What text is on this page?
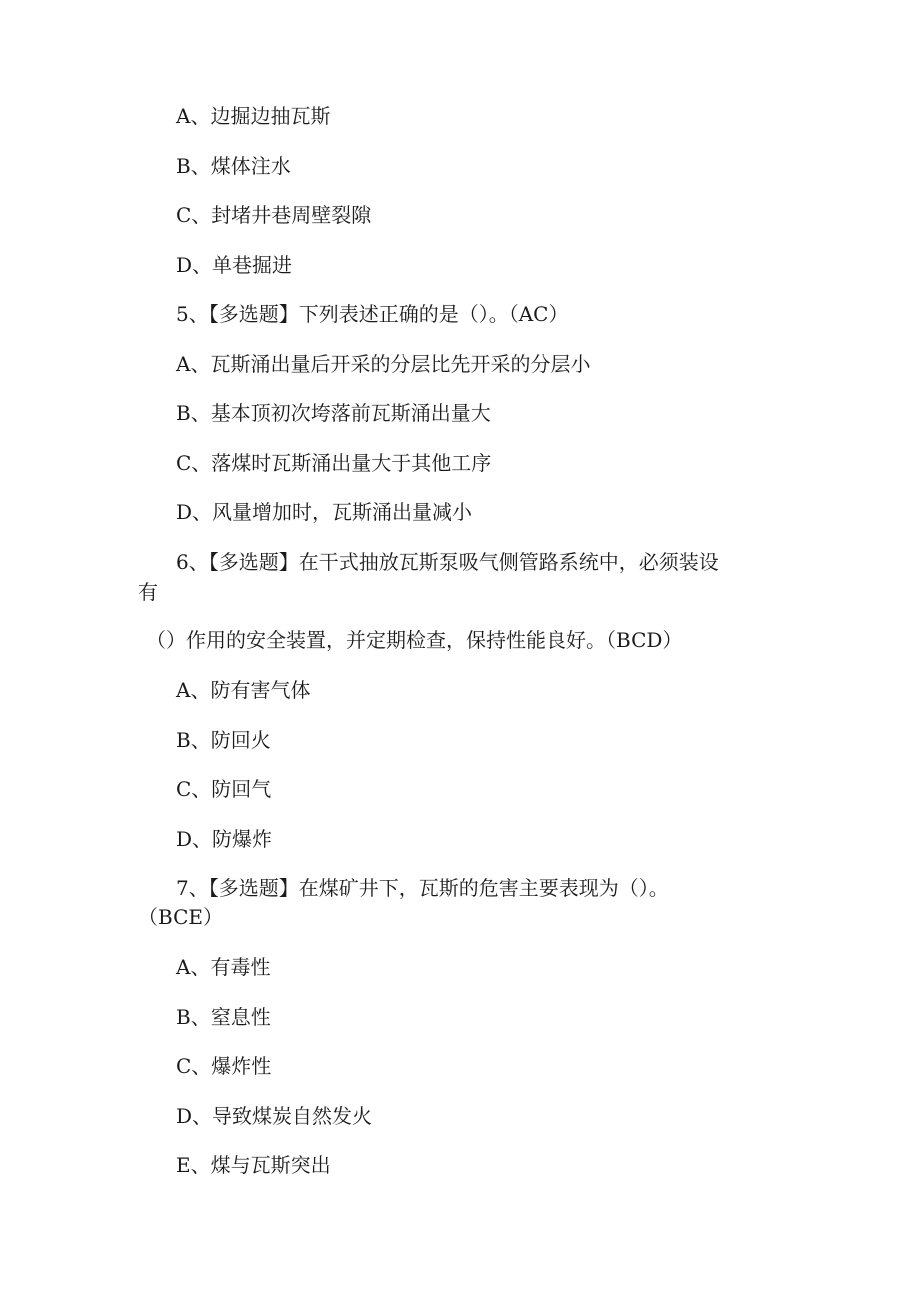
A、边掘边抽瓦斯
B、煤体注水
C、封堵井巷周壁裂隙
D、单巷掘进
5、【多选题】下列表述正确的是（）。（AC）
A、瓦斯涌出量后开采的分层比先开采的分层小
B、基本顶初次垮落前瓦斯涌出量大
C、落煤时瓦斯涌出量大于其他工序
D、风量增加时，瓦斯涌出量减小
6、【多选题】在干式抽放瓦斯泵吸气侧管路系统中，必须装设
有
（）作用的安全装置，并定期检查，保持性能良好。（BCD）
A、防有害气体
B、防回火
C、防回气
D、防爆炸
7、【多选题】在煤矿井下，瓦斯的危害主要表现为（）。
（BCE）
A、有毒性
B、窒息性
C、爆炸性
D、导致煤炭自然发火
E、煤与瓦斯突出
